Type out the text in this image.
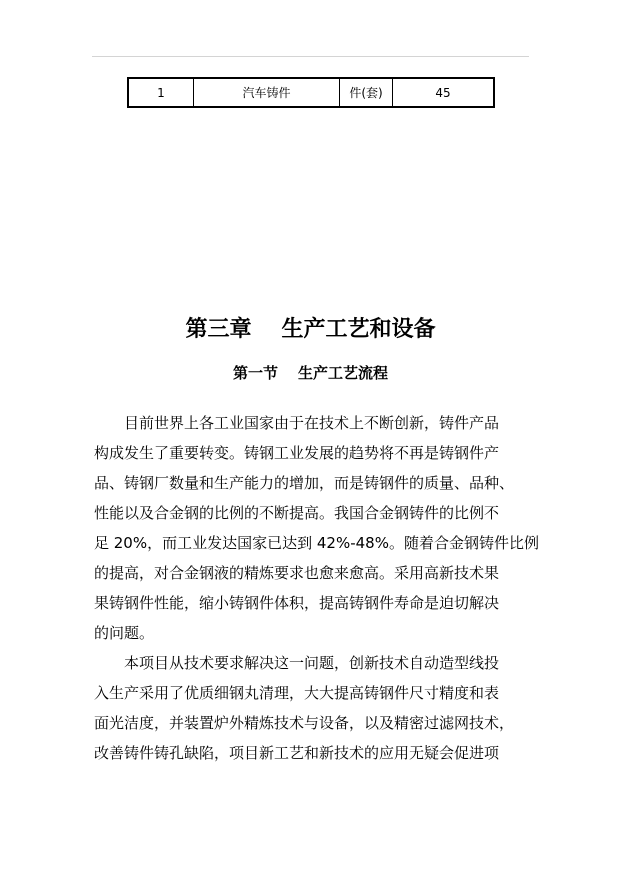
1	汽车铸件	件(套)	45
第三章 生产工艺和设备
第一节 生产工艺流程
目前世界上各工业国家由于在技术上不断创新，铸件产品
构成发生了重要转变。铸钢工业发展的趋势将不再是铸钢件产
品、铸钢厂数量和生产能力的增加，而是铸钢件的质量、品种、
性能以及合金钢的比例的不断提高。我国合金钢铸件的比例不
足 20%，而工业发达国家已达到 42%-48%。随着合金钢铸件比例
的提高，对合金钢液的精炼要求也愈来愈高。采用高新技术果
果铸钢件性能，缩小铸钢件体积，提高铸钢件寿命是迫切解决
的问题。
本项目从技术要求解决这一问题，创新技术自动造型线投
入生产采用了优质细钢丸清理，大大提高铸钢件尺寸精度和表
面光洁度，并装置炉外精炼技术与设备，以及精密过滤网技术，
改善铸件铸孔缺陷，项目新工艺和新技术的应用无疑会促进项
